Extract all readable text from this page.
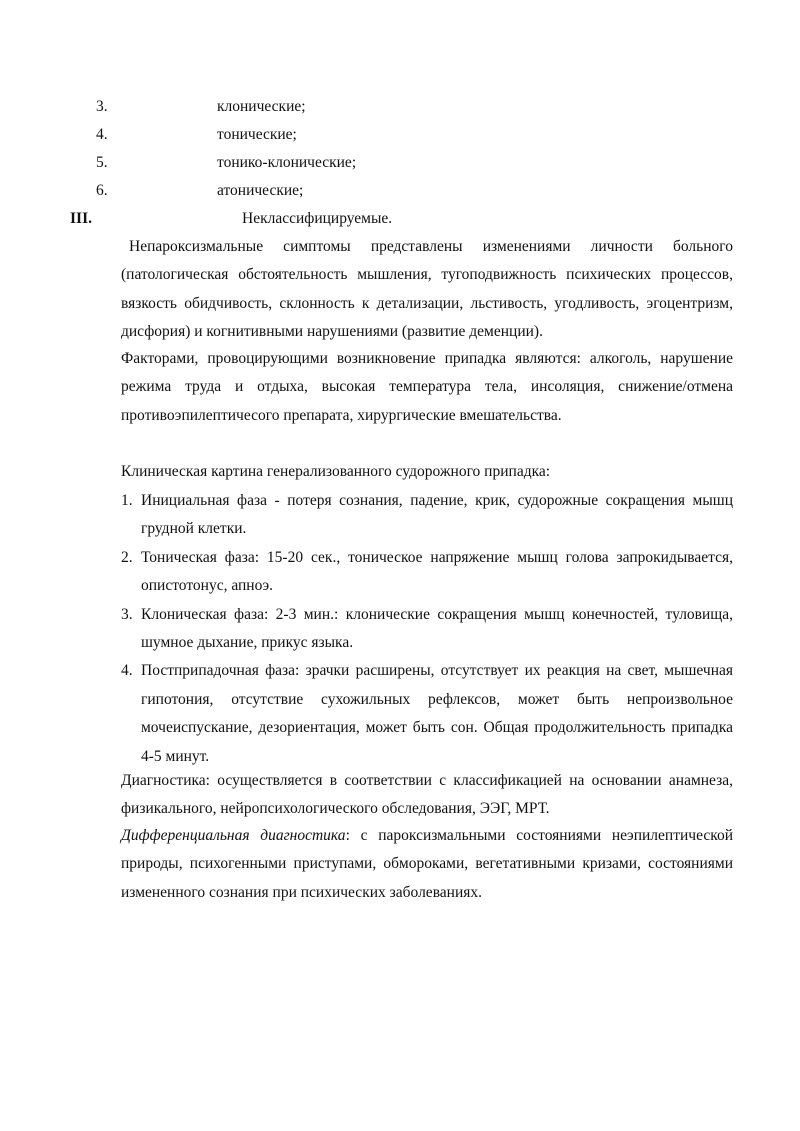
3.	клонические;
4.	тонические;
5.	тонико-клонические;
6.	атонические;
III.	Неклассифицируемые.

Непароксизмальные симптомы представлены изменениями личности больного (патологическая обстоятельность мышления, тугоподвижность психических процессов, вязкость обидчивость, склонность к детализации, льстивость, угодливость, эгоцентризм, дисфория) и когнитивными нарушениями (развитие деменции).

Факторами, провоцирующими возникновение припадка являются: алкоголь, нарушение режима труда и отдыха, высокая температура тела, инсоляция, снижение/отмена противоэпилептичесого препарата, хирургические вмешательства.

Клиническая картина генерализованного судорожного припадка:

1. Инициальная фаза - потеря сознания, падение, крик, судорожные сокращения мышц грудной клетки.
2. Тоническая фаза: 15-20 сек., тоническое напряжение мышц голова запрокидывается, опистотонус, апноэ.
3. Клоническая фаза: 2-3 мин.: клонические сокращения мышц конечностей, туловища, шумное дыхание, прикус языка.
4. Постприпадочная фаза: зрачки расширены, отсутствует их реакция на свет, мышечная гипотония, отсутствие сухожильных рефлексов, может быть непроизвольное мочеиспускание, дезориентация, может быть сон. Общая продолжительность припадка 4-5 минут.

Диагностика: осуществляется в соответствии с классификацией на основании анамнеза, физикального, нейропсихологического обследования, ЭЭГ, МРТ.

Дифференциальная диагностика: с пароксизмальными состояниями неэпилептической природы, психогенными приступами, обмороками, вегетативными кризами, состояниями измененного сознания при психических заболеваниях.
